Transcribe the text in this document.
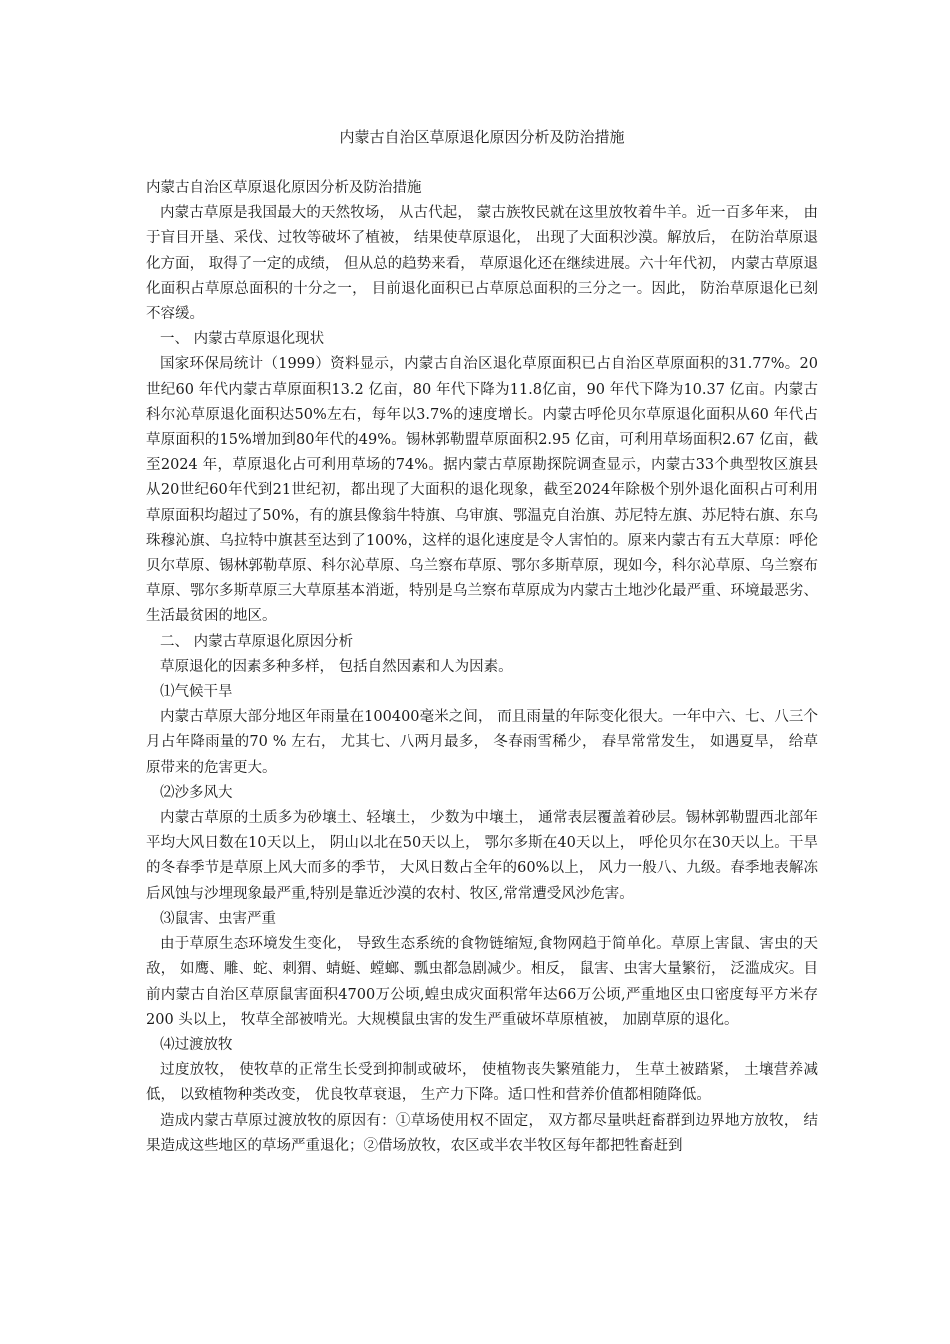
内蒙古自治区草原退化原因分析及防治措施

内蒙古自治区草原退化原因分析及防治措施

内蒙古草原是我国最大的天然牧场， 从古代起， 蒙古族牧民就在这里放牧着牛羊。近一百多年来， 由于盲目开垦、采伐、过牧等破坏了植被， 结果使草原退化， 出现了大面积沙漠。解放后， 在防治草原退化方面， 取得了一定的成绩， 但从总的趋势来看， 草原退化还在继续进展。六十年代初， 内蒙古草原退化面积占草原总面积的十分之一， 目前退化面积已占草原总面积的三分之一。因此， 防治草原退化已刻不容缓。

一、 内蒙古草原退化现状

国家环保局统计（1999）资料显示，内蒙古自治区退化草原面积已占自治区草原面积的31.77%。20 世纪60 年代内蒙古草原面积13.2 亿亩，80 年代下降为11.8亿亩，90 年代下降为10.37 亿亩。内蒙古科尔沁草原退化面积达50%左右，每年以3.7%的速度增长。内蒙古呼伦贝尔草原退化面积从60 年代占草原面积的15%增加到80年代的49%。锡林郭勒盟草原面积2.95 亿亩，可利用草场面积2.67 亿亩，截至2024 年，草原退化占可利用草场的74%。据内蒙古草原勘探院调查显示，内蒙古33个典型牧区旗县从20世纪60年代到21世纪初，都出现了大面积的退化现象，截至2024年除极个别外退化面积占可利用草原面积均超过了50%，有的旗县像翁牛特旗、乌审旗、鄂温克自治旗、苏尼特左旗、苏尼特右旗、东乌珠穆沁旗、乌拉特中旗甚至达到了100%，这样的退化速度是令人害怕的。原来内蒙古有五大草原：呼伦贝尔草原、锡林郭勒草原、科尔沁草原、乌兰察布草原、鄂尔多斯草原，现如今，科尔沁草原、乌兰察布草原、鄂尔多斯草原三大草原基本消逝，特别是乌兰察布草原成为内蒙古土地沙化最严重、环境最恶劣、生活最贫困的地区。

二、 内蒙古草原退化原因分析

草原退化的因素多种多样， 包括自然因素和人为因素。

⑴气候干旱

内蒙古草原大部分地区年雨量在100400毫米之间， 而且雨量的年际变化很大。一年中六、七、八三个月占年降雨量的70 % 左右， 尤其七、八两月最多， 冬春雨雪稀少， 春旱常常发生， 如遇夏旱， 给草原带来的危害更大。

⑵沙多风大

内蒙古草原的土质多为砂壤土、轻壤土， 少数为中壤土， 通常表层覆盖着砂层。锡林郭勒盟西北部年平均大风日数在10天以上， 阴山以北在50天以上， 鄂尔多斯在40天以上， 呼伦贝尔在30天以上。干旱的冬春季节是草原上风大而多的季节， 大风日数占全年的60%以上， 风力一般八、九级。春季地表解冻后风蚀与沙埋现象最严重,特别是靠近沙漠的农村、牧区,常常遭受风沙危害。

⑶鼠害、虫害严重

由于草原生态环境发生变化， 导致生态系统的食物链缩短,食物网趋于简单化。草原上害鼠、害虫的天敌， 如鹰、雕、蛇、刺猬、蜻蜓、螳螂、瓢虫都急剧减少。相反， 鼠害、虫害大量繁衍， 泛滥成灾。目前内蒙古自治区草原鼠害面积4700万公顷,蝗虫成灾面积常年达66万公顷,严重地区虫口密度每平方米存200 头以上， 牧草全部被啃光。大规模鼠虫害的发生严重破坏草原植被， 加剧草原的退化。

⑷过渡放牧

过度放牧， 使牧草的正常生长受到抑制或破坏， 使植物丧失繁殖能力， 生草土被踏紧， 土壤营养减低， 以致植物种类改变， 优良牧草衰退， 生产力下降。适口性和营养价值都相随降低。

造成内蒙古草原过渡放牧的原因有：①草场使用权不固定， 双方都尽量哄赶畜群到边界地方放牧， 结果造成这些地区的草场严重退化；②借场放牧，农区或半农半牧区每年都把牲畜赶到
